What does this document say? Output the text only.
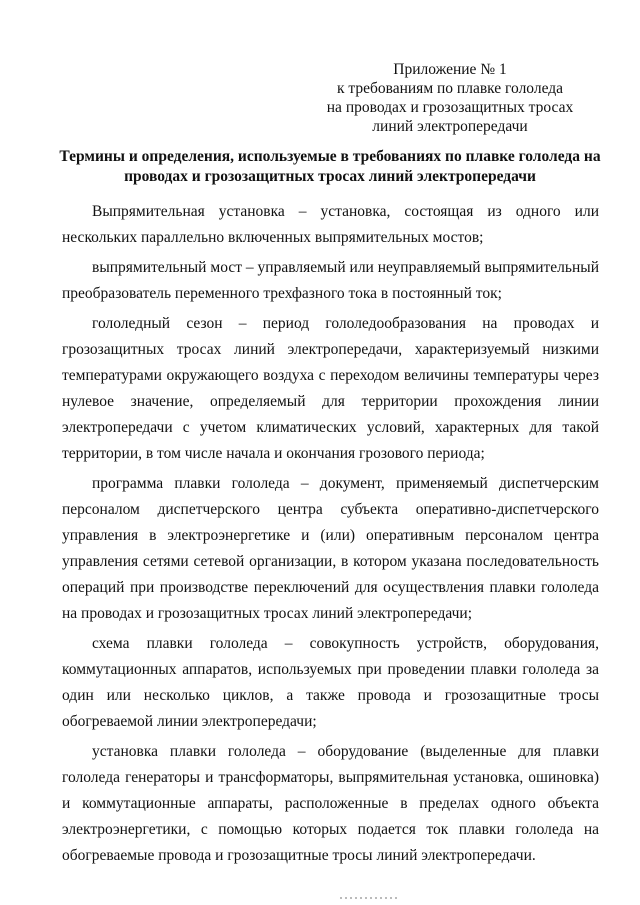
Приложение № 1
к требованиям по плавке гололеда
на проводах и грозозащитных тросах
линий электропередачи
Термины и определения, используемые в требованиях по плавке гололеда на
проводах и грозозащитных тросах линий электропередачи

Выпрямительная установка – установка, состоящая из одного или нескольких параллельно включенных выпрямительных мостов;

выпрямительный мост – управляемый или неуправляемый выпрямительный преобразователь переменного трехфазного тока в постоянный ток;

гололедный сезон – период гололедообразования на проводах и грозозащитных тросах линий электропередачи, характеризуемый низкими температурами окружающего воздуха с переходом величины температуры через нулевое значение, определяемый для территории прохождения линии электропередачи с учетом климатических условий, характерных для такой территории, в том числе начала и окончания грозового периода;

программа плавки гололеда – документ, применяемый диспетчерским персоналом диспетчерского центра субъекта оперативно-диспетчерского управления в электроэнергетике и (или) оперативным персоналом центра управления сетями сетевой организации, в котором указана последовательность операций при производстве переключений для осуществления плавки гололеда на проводах и грозозащитных тросах линий электропередачи;

схема плавки гололеда – совокупность устройств, оборудования, коммутационных аппаратов, используемых при проведении плавки гололеда за один или несколько циклов, а также провода и грозозащитные тросы обогреваемой линии электропередачи;

установка плавки гололеда – оборудование (выделенные для плавки гололеда генераторы и трансформаторы, выпрямительная установка, ошиновка) и коммутационные аппараты, расположенные в пределах одного объекта электроэнергетики, с помощью которых подается ток плавки гололеда на обогреваемые провода и грозозащитные тросы линий электропередачи.
